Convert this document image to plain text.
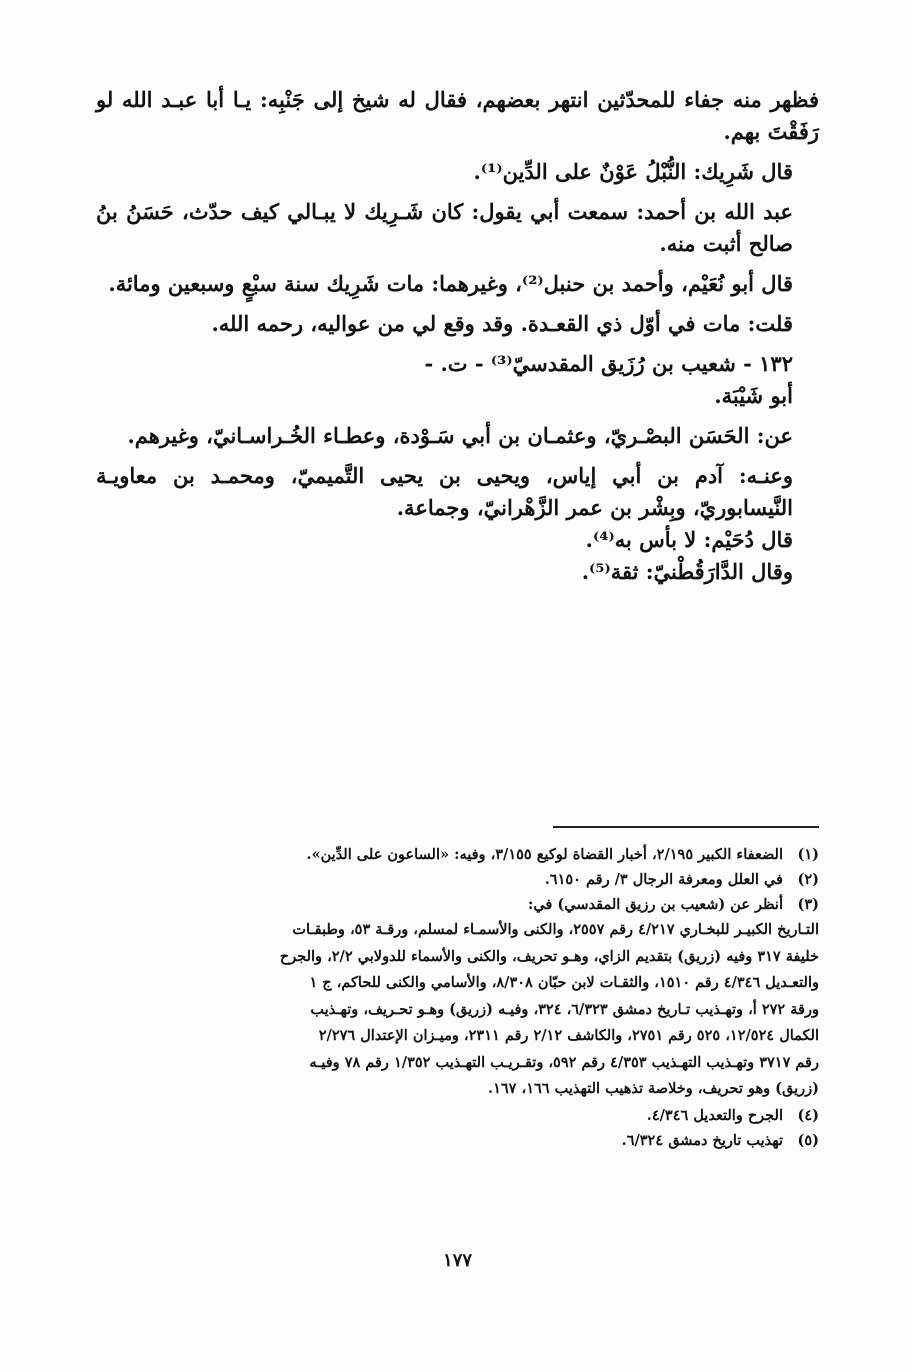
فظهر منه جفاء للمحدّثين انتهر بعضهم، فقال له شيخ إلى جَنْبِه: يـا أبا عبـد الله لو رَفَقْتَ بهم.

قال شَرِيك: النُّبْلُ عَوْنٌ على الدِّين⁽¹⁾.

عبد الله بن أحمد: سمعت أبي يقول: كان شَـرِيك لا يبـالي كيف حدّث، حَسَنُ بنُ صالح أثبت منه.

قال أبو نُعَيْم، وأحمد بن حنبل⁽²⁾، وغيرهما: مات شَرِيك سنة سبْعٍ وسبعين ومائة.

قلت: مات في أوّل ذي القعـدة. وقد وقع لي من عواليه، رحمه الله.

١٣٢ - شعيب بن رُزَيق المقدسيّ⁽³⁾ - ت. -

أبو شَيْبَة.

عن: الحَسَن البصْـريّ، وعثمـان بن أبي سَـوْدة، وعطـاء الخُـراسـانيّ، وغيرهم.

وعنـه: آدم بن أبي إياس، ويحيى بن يحيى التَّميميّ، ومحمـد بن معاويـة النَّيسابوريّ، وبِشْر بن عمر الزَّهْرانيّ، وجماعة.

قال دُحَيْم: لا بأس به⁽⁴⁾.

وقال الدَّارَقُطْنيّ: ثقة⁽⁵⁾.

(١)
الضعفاء الكبير ٢/١٩٥، أخبار القضاة لوكيع ٣/١٥٥، وفيه: «الساعون على الدِّين».
(٢)
في العلل ومعرفة الرجال ٣/ رقم ٦١٥٠.
(٣)
أنظر عن (شعيب بن رزيق المقدسي) في:
التـاريخ الكبيـر للبخـاري ٤/٢١٧ رقم ٢٥٥٧، والكنى والأسمـاء لمسلم، ورقـة ٥٣، وطبقـات
خليفة ٣١٧ وفيه (زريق) بتقديم الزاي، وهـو تحريف، والكنى والأسماء للدولابي ٢/٢، والجرح
والتعـديل ٤/٣٤٦ رقم ١٥١٠، والثقـات لابن حبّان ٨/٣٠٨، والأسامي والكنى للحاكم، ج ١
ورقة ٢٧٢ أ، وتهـذيب تـاريخ دمشق ٦/٣٢٣، ٣٢٤، وفيـه (زريق) وهـو تحـريف، وتهـذيب
الكمال ١٢/٥٢٤، ٥٢٥ رقم ٢٧٥١، والكاشف ٢/١٢ رقم ٢٣١١، وميـزان الإعتدال ٢/٢٧٦
رقم ٣٧١٧ وتهـذيب التهـذيب ٤/٣٥٣ رقم ٥٩٢، وتقـريـب التهـذيب ١/٣٥٢ رقم ٧٨ وفيـه
(زريق) وهو تحريف، وخلاصة تذهيب التهذيب ١٦٦، ١٦٧.
(٤)
الجرح والتعديل ٤/٣٤٦.
(٥)
تهذيب تاريخ دمشق ٦/٣٢٤.
١٧٧
